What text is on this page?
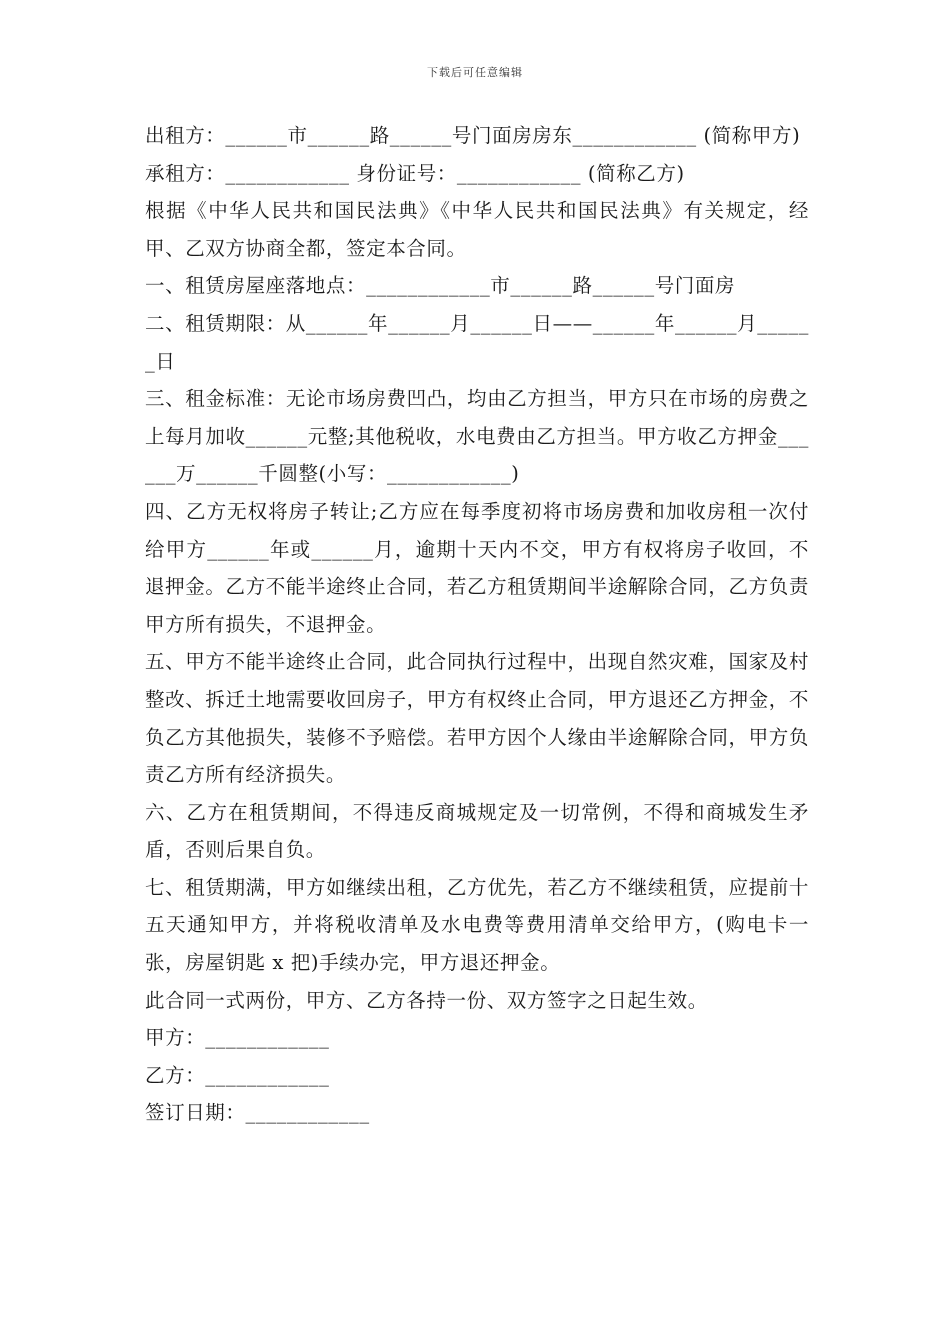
下载后可任意编辑

出租方：______市______路______号门面房房东____________ (简称甲方)

承租方：____________ 身份证号：____________ (简称乙方)

根据《中华人民共和国民法典》《中华人民共和国民法典》有关规定，经甲、乙双方协商全都，签定本合同。

一、租赁房屋座落地点：____________市______路______号门面房

二、租赁期限：从______年______月______日——______年______月______日

三、租金标准：无论市场房费凹凸，均由乙方担当，甲方只在市场的房费之上每月加收______元整;其他税收，水电费由乙方担当。甲方收乙方押金______万______千圆整(小写：____________)

四、乙方无权将房子转让;乙方应在每季度初将市场房费和加收房租一次付给甲方______年或______月，逾期十天内不交，甲方有权将房子收回，不退押金。乙方不能半途终止合同，若乙方租赁期间半途解除合同，乙方负责甲方所有损失，不退押金。

五、甲方不能半途终止合同，此合同执行过程中，出现自然灾难，国家及村整改、拆迁土地需要收回房子，甲方有权终止合同，甲方退还乙方押金，不负乙方其他损失，装修不予赔偿。若甲方因个人缘由半途解除合同，甲方负责乙方所有经济损失。

六、乙方在租赁期间，不得违反商城规定及一切常例，不得和商城发生矛盾，否则后果自负。

七、租赁期满，甲方如继续出租，乙方优先，若乙方不继续租赁，应提前十五天通知甲方，并将税收清单及水电费等费用清单交给甲方，(购电卡一张，房屋钥匙 x 把)手续办完，甲方退还押金。

此合同一式两份，甲方、乙方各持一份、双方签字之日起生效。

甲方：____________

乙方：____________

签订日期：____________
